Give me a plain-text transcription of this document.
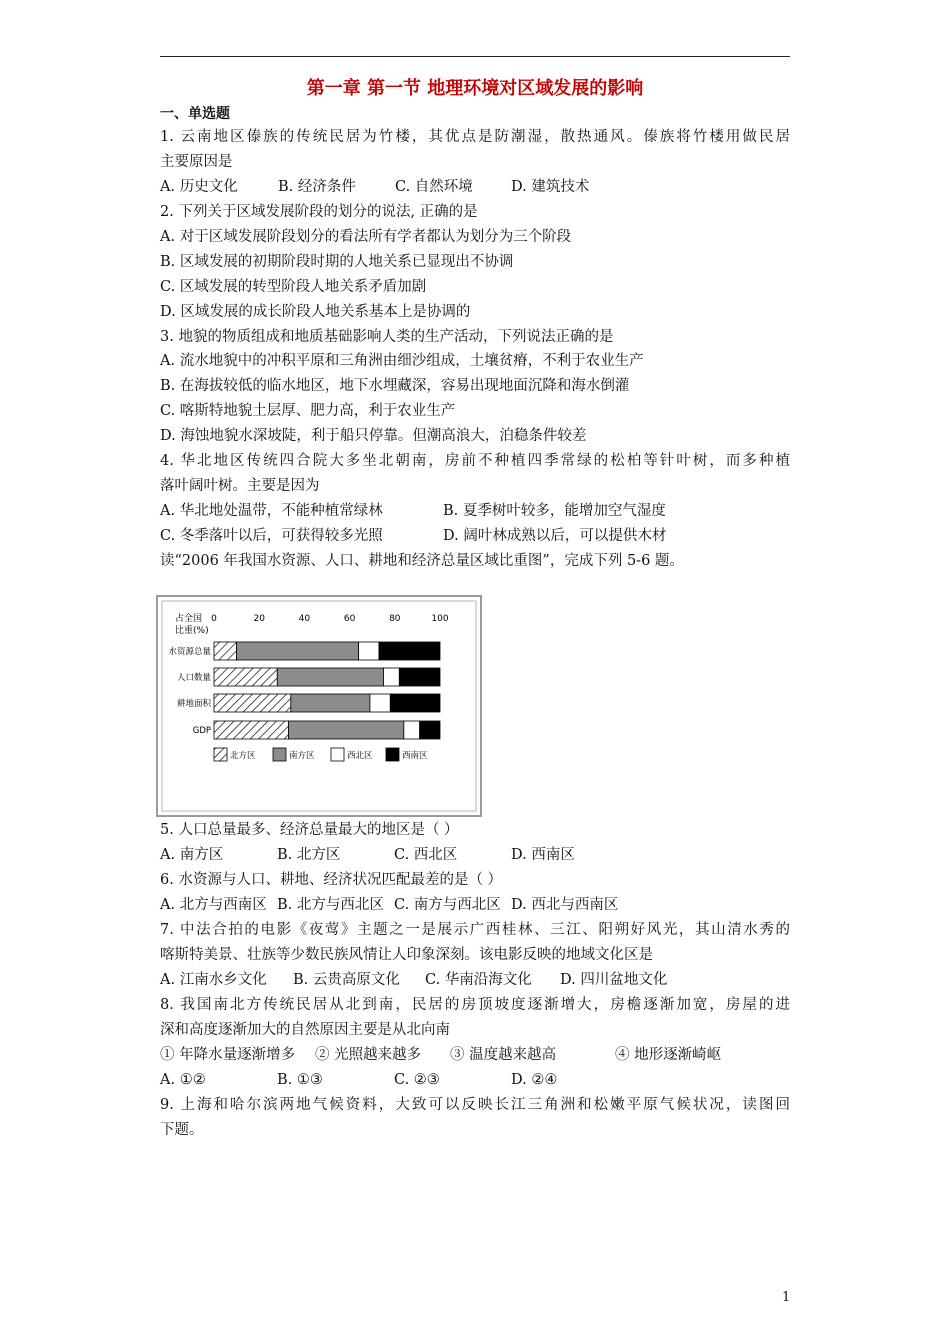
第一章 第一节 地理环境对区域发展的影响
一、单选题
1. 云南地区傣族的传统民居为竹楼，其优点是防潮湿，散热通风。傣族将竹楼用做民居
主要原因是
A. 历史文化	B. 经济条件	C. 自然环境	D. 建筑技术
2. 下列关于区域发展阶段的划分的说法, 正确的是
A. 对于区域发展阶段划分的看法所有学者都认为划分为三个阶段
B. 区域发展的初期阶段时期的人地关系已显现出不协调
C. 区域发展的转型阶段人地关系矛盾加剧
D. 区域发展的成长阶段人地关系基本上是协调的
3. 地貌的物质组成和地质基础影响人类的生产活动，下列说法正确的是
A. 流水地貌中的冲积平原和三角洲由细沙组成，土壤贫瘠，不利于农业生产
B. 在海拔较低的临水地区，地下水埋藏深，容易出现地面沉降和海水倒灌
C. 喀斯特地貌土层厚、肥力高，利于农业生产
D. 海蚀地貌水深坡陡，利于船只停靠。但潮高浪大，泊稳条件较差
4. 华北地区传统四合院大多坐北朝南，房前不种植四季常绿的松柏等针叶树，而多种植
落叶阔叶树。主要是因为
A. 华北地处温带，不能种植常绿林	B. 夏季树叶较多，能增加空气湿度
C. 冬季落叶以后，可获得较多光照	D. 阔叶林成熟以后，可以提供木材
读“2006 年我国水资源、人口、耕地和经济总量区域比重图”，完成下列 5-6 题。
占全国
比重(%)
0	20	40	60	80	100
水资源总量
人口数量
耕地面积
GDP
北方区	南方区	西北区	西南区
5. 人口总量最多、经济总量最大的地区是（ ）
A. 南方区	B. 北方区	C. 西北区	D. 西南区
6. 水资源与人口、耕地、经济状况匹配最差的是（ ）
A. 北方与西南区 B. 北方与西北区 C. 南方与西北区 D. 西北与西南区
7. 中法合拍的电影《夜莺》主题之一是展示广西桂林、三江、阳朔好风光，其山清水秀的
喀斯特美景、壮族等少数民族风情让人印象深刻。该电影反映的地域文化区是
A. 江南水乡文化 B. 云贵高原文化 C. 华南沿海文化 D. 四川盆地文化
8. 我国南北方传统民居从北到南，民居的房顶坡度逐渐增大，房檐逐渐加宽，房屋的进
深和高度逐渐加大的自然原因主要是从北向南
① 年降水量逐渐增多 ② 光照越来越多 ③ 温度越来越高	④ 地形逐渐崎岖
A. ①②	B. ①③	C. ②③	D. ②④
9. 上海和哈尔滨两地气候资料，大致可以反映长江三角洲和松嫩平原气候状况，读图回
下题。
1
